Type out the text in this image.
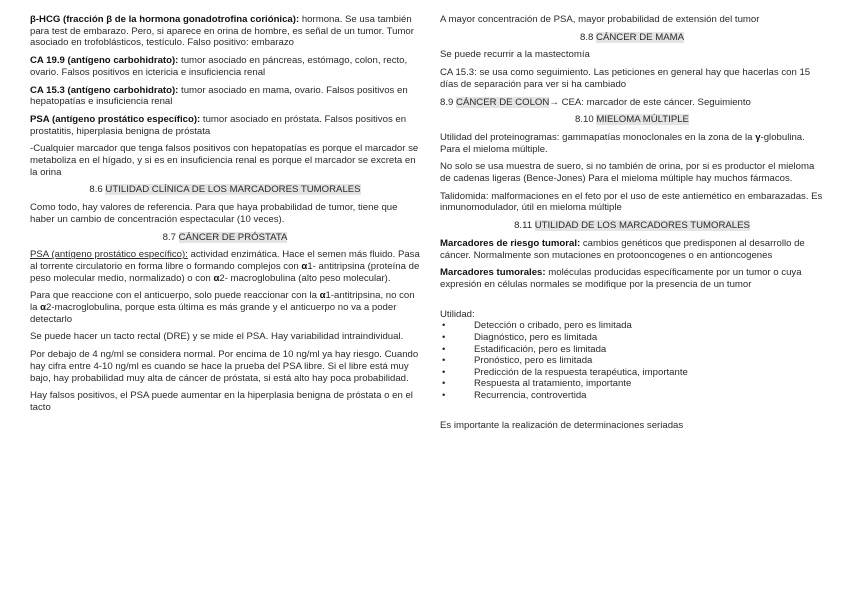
β-HCG (fracción β de la hormona gonadotrofina coriónica): hormona. Se usa también para test de embarazo. Pero, si aparece en orina de hombre, es señal de un tumor. Tumor asociado en trofoblásticos, testículo. Falso positivo: embarazo

CA 19.9 (antígeno carbohidrato): tumor asociado en páncreas, estómago, colon, recto, ovario. Falsos positivos en ictericia e insuficiencia renal

CA 15.3 (antígeno carbohidrato): tumor asociado en mama, ovario. Falsos positivos en hepatopatías e insuficiencia renal

PSA (antígeno prostático específico): tumor asociado en próstata. Falsos positivos en prostatitis, hiperplasia benigna de próstata

-Cualquier marcador que tenga falsos positivos con hepatopatías es porque el marcador se metaboliza en el hígado, y si es en insuficiencia renal es porque el marcador se excreta en la orina

8.6 UTILIDAD CLÍNICA DE LOS MARCADORES TUMORALES

Como todo, hay valores de referencia. Para que haya probabilidad de tumor, tiene que haber un cambio de concentración espectacular (10 veces).

8.7 CÁNCER DE PRÓSTATA

PSA (antígeno prostático específico): actividad enzimática. Hace el semen más fluido. Pasa al torrente circulatorio en forma libre o formando complejos con α1- antitripsina (proteína de peso molecular medio, normalizado) o con α2- macroglobulina (alto peso molecular).

Para que reaccione con el anticuerpo, solo puede reaccionar con la α1-antitripsina, no con la α2-macroglobulina, porque esta última es más grande y el anticuerpo no va a poder detectarlo

Se puede hacer un tacto rectal (DRE) y se mide el PSA. Hay variabilidad intraindividual.

Por debajo de 4 ng/ml se considera normal. Por encima de 10 ng/ml ya hay riesgo. Cuando hay cifra entre 4-10 ng/ml es cuando se hace la prueba del PSA libre. Si el libre está muy bajo, hay probabilidad muy alta de cáncer de próstata, si está alto hay poca probabilidad.

Hay falsos positivos, el PSA puede aumentar en la hiperplasia benigna de próstata o en el tacto

A mayor concentración de PSA, mayor probabilidad de extensión del tumor

8.8 CÁNCER DE MAMA

Se puede recurrir a la mastectomía

CA 15.3: se usa como seguimiento. Las peticiones en general hay que hacerlas con 15 días de separación para ver si ha cambiado

8.9 CÁNCER DE COLON→ CEA: marcador de este cáncer. Seguimiento

8.10 MIELOMA MÚLTIPLE

Utilidad del proteinogramas: gammapatías monoclonales en la zona de la γ-globulina. Para el mieloma múltiple.

No solo se usa muestra de suero, si no también de orina, por si es productor el mieloma de cadenas ligeras (Bence-Jones) Para el mieloma múltiple hay muchos fármacos.

Talidomida: malformaciones en el feto por el uso de este antiemético en embarazadas. Es inmunomodulador, útil en mieloma múltiple

8.11 UTILIDAD DE LOS MARCADORES TUMORALES

Marcadores de riesgo tumoral: cambios genéticos que predisponen al desarrollo de cáncer. Normalmente son mutaciones en protooncogenes o en antioncogenes

Marcadores tumorales: moléculas producidas específicamente por un tumor o cuya expresión en células normales se modifique por la presencia de un tumor

Utilidad:

•	Detección o cribado, pero es limitada
•	Diagnóstico, pero es limitada
•	Estadificación, pero es limitada
•	Pronóstico, pero es limitada
•	Predicción de la respuesta terapéutica, importante
•	Respuesta al tratamiento, importante
•	Recurrencia, controvertida

Es importante la realización de determinaciones seriadas
